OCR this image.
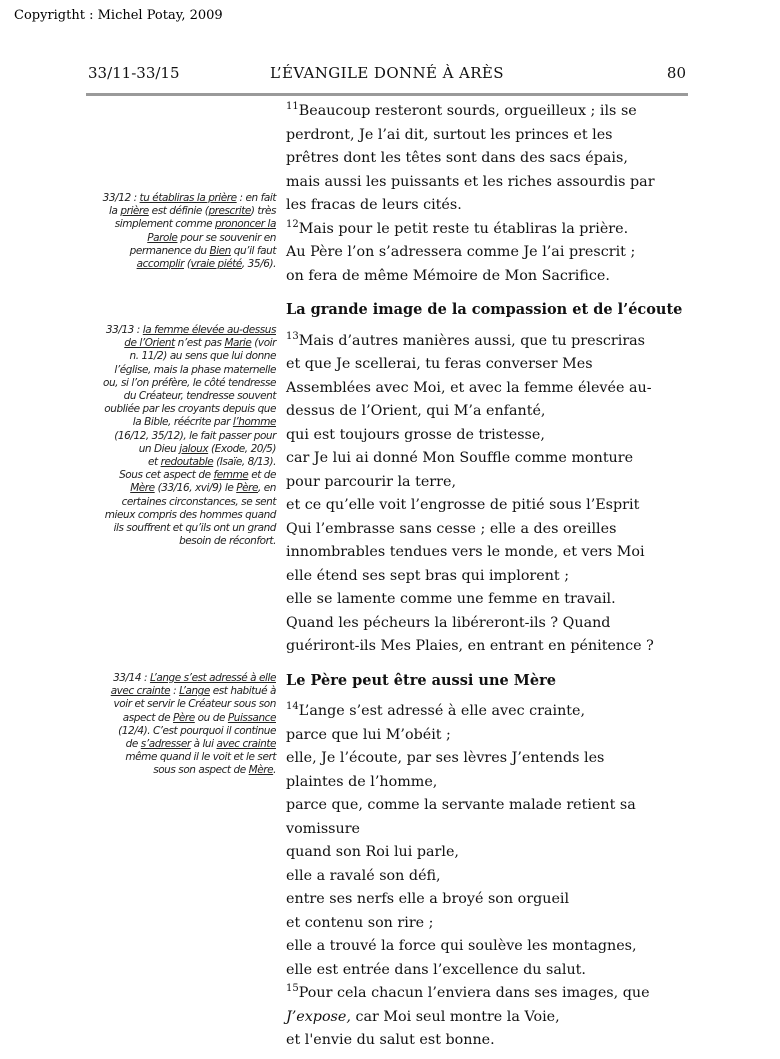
Copyrigtht : Michel Potay, 2009
33/11-33/15	L’ÉVANGILE DONNÉ À ARÈS	80
$^{11}$Beaucoup resteront sourds, orgueilleux ; ils se
perdront, Je l’ai dit, surtout les princes et les
prêtres dont les têtes sont dans des sacs épais,
mais aussi les puissants et les riches assourdis par
les fracas de leurs cités.
$^{12}$Mais pour le petit reste tu établiras la prière.
Au Père l’on s’adressera comme Je l’ai prescrit ;
on fera de même Mémoire de Mon Sacrifice.
La grande image de la compassion et de l’écoute
$^{13}$Mais d’autres manières aussi, que tu prescriras
et que Je scellerai, tu feras converser Mes
Assemblées avec Moi, et avec la femme élevée au-
dessus de l’Orient, qui M’a enfanté,
qui est toujours grosse de tristesse,
car Je lui ai donné Mon Souffle comme monture
pour parcourir la terre,
et ce qu’elle voit l’engrosse de pitié sous l’Esprit
Qui l’embrasse sans cesse ; elle a des oreilles
innombrables tendues vers le monde, et vers Moi
elle étend ses sept bras qui implorent ;
elle se lamente comme une femme en travail.
Quand les pécheurs la libéreront-ils ? Quand
guériront-ils Mes Plaies, en entrant en pénitence ?
Le Père peut être aussi une Mère
$^{14}$L’ange s’est adressé à elle avec crainte,
parce que lui M’obéit ;
elle, Je l’écoute, par ses lèvres J’entends les
plaintes de l’homme,
parce que, comme la servante malade retient sa
vomissure
quand son Roi lui parle,
elle a ravalé son défi,
entre ses nerfs elle a broyé son orgueil
et contenu son rire ;
elle a trouvé la force qui soulève les montagnes,
elle est entrée dans l’excellence du salut.
$^{15}$Pour cela chacun l’enviera dans ses images, que
J’expose, car Moi seul montre la Voie,
et l'envie du salut est bonne.
33/12 : tu établiras la prière : en fait
la prière est définie (prescrite) très
simplement comme prononcer la
Parole pour se souvenir en
permanence du Bien qu’il faut
accomplir (vraie piété, 35/6).
33/13 : la femme élevée au-dessus
de l’Orient n’est pas Marie (voir
n. 11/2) au sens que lui donne
l’église, mais la phase maternelle
ou, si l’on préfère, le côté tendresse
du Créateur, tendresse souvent
oubliée par les croyants depuis que
la Bible, réécrite par l’homme
(16/12, 35/12), le fait passer pour
un Dieu jaloux (Exode, 20/5)
et redoutable (Isaïe, 8/13).
Sous cet aspect de femme et de
Mère (33/16, xvi/9) le Père, en
certaines circonstances, se sent
mieux compris des hommes quand
ils souffrent et qu’ils ont un grand
besoin de réconfort.
33/14 : L’ange s’est adressé à elle
avec crainte : L’ange est habitué à
voir et servir le Créateur sous son
aspect de Père ou de Puissance
(12/4). C’est pourquoi il continue
de s’adresser à lui avec crainte
même quand il le voit et le sert
sous son aspect de Mère.
